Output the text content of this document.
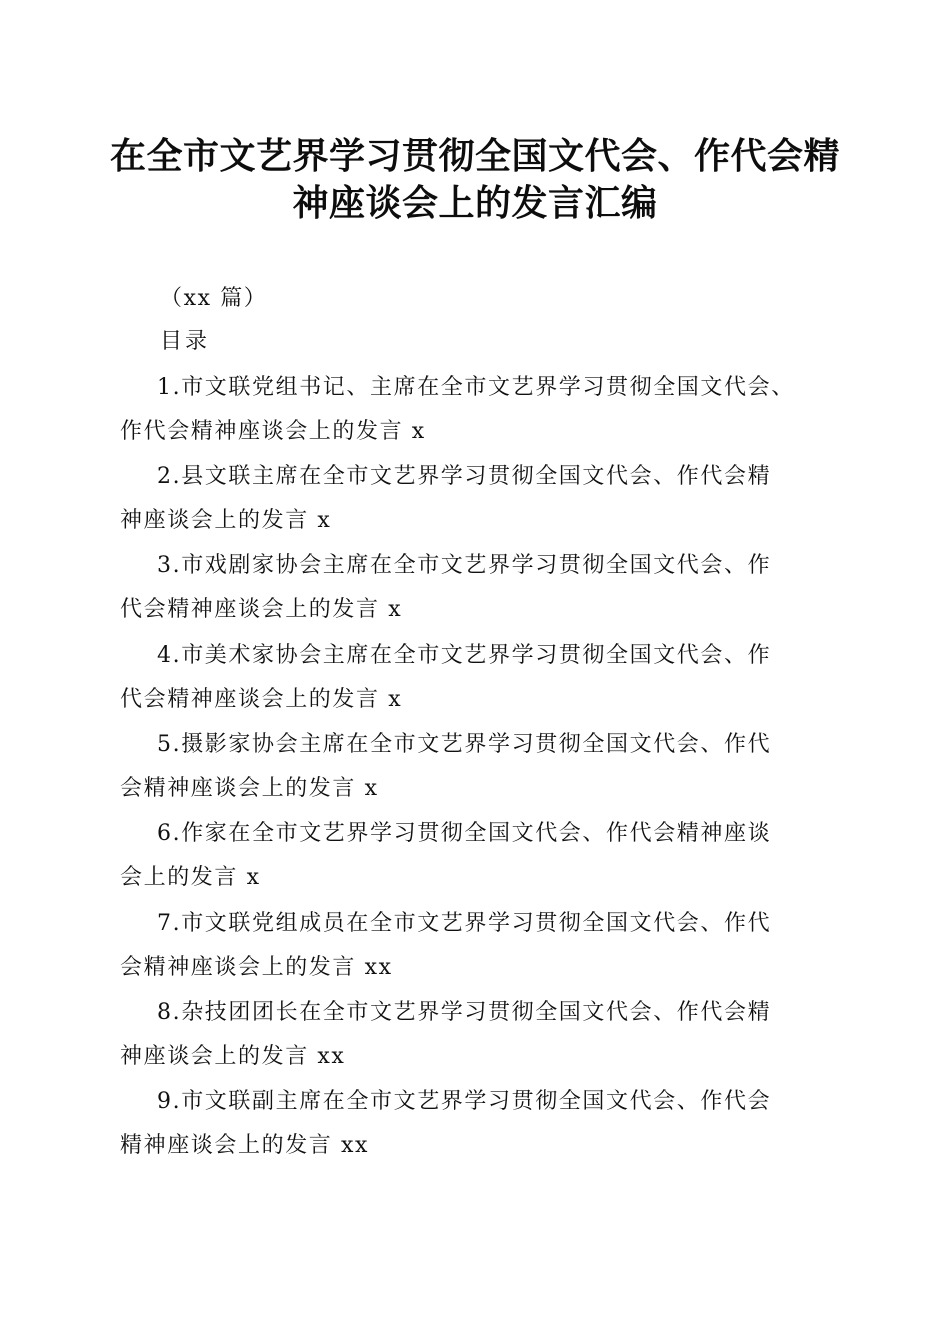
在全市文艺界学习贯彻全国文代会、作代会精
神座谈会上的发言汇编
（xx 篇）
目录
1.市文联党组书记、主席在全市文艺界学习贯彻全国文代会、
作代会精神座谈会上的发言 x
2.县文联主席在全市文艺界学习贯彻全国文代会、作代会精
神座谈会上的发言 x
3.市戏剧家协会主席在全市文艺界学习贯彻全国文代会、作
代会精神座谈会上的发言 x
4.市美术家协会主席在全市文艺界学习贯彻全国文代会、作
代会精神座谈会上的发言 x
5.摄影家协会主席在全市文艺界学习贯彻全国文代会、作代
会精神座谈会上的发言 x
6.作家在全市文艺界学习贯彻全国文代会、作代会精神座谈
会上的发言 x
7.市文联党组成员在全市文艺界学习贯彻全国文代会、作代
会精神座谈会上的发言 xx
8.杂技团团长在全市文艺界学习贯彻全国文代会、作代会精
神座谈会上的发言 xx
9.市文联副主席在全市文艺界学习贯彻全国文代会、作代会
精神座谈会上的发言 xx
